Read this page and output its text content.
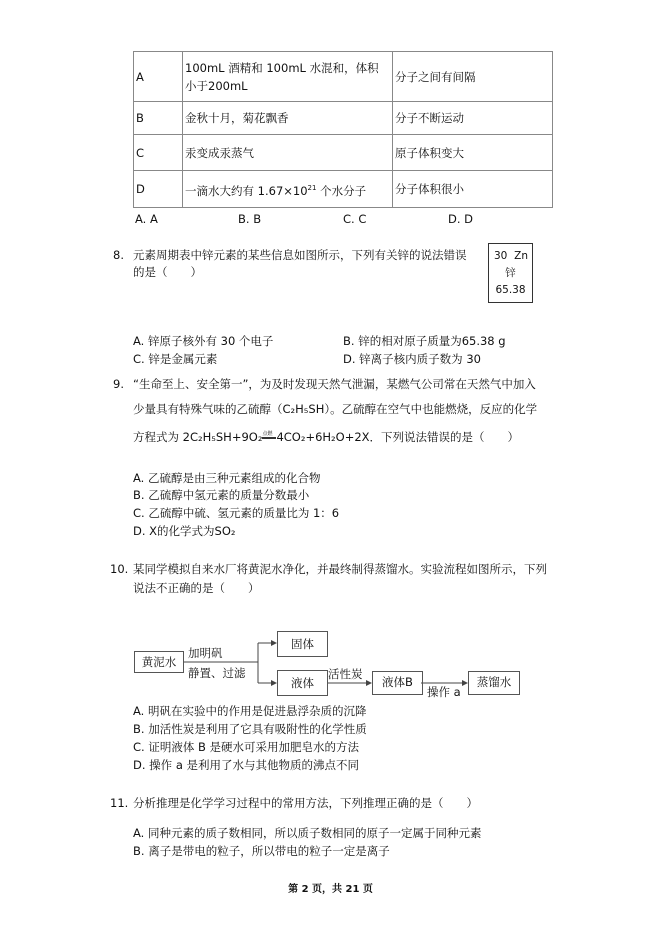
A	100mL 酒精和 100mL 水混和，体积小于200mL	分子之间有间隔
B	金秋十月，菊花飘香	分子不断运动
C	汞变成汞蒸气	原子体积变大
D	一滴水大约有 $1.67\times 10^{21}$ 个水分子	分子体积很小
A. A	B. B	C. C	D. D
8. 元素周期表中锌元素的某些信息如图所示，下列有关锌的说法错误
的是（　　）
30 Zn
锌
65.38
A. 锌原子核外有 30 个电子	B. 锌的相对原子质量为65.38 g
C. 锌是金属元素	D. 锌离子核内质子数为 30
9. “生命至上、安全第一”，为及时发现天然气泄漏，某燃气公司常在天然气中加入
少量具有特殊气味的乙硫醇（C₂H₅SH）。乙硫醇在空气中也能燃烧，反应的化学
方程式为 2C₂H₅SH+9O₂ 点燃 4CO₂+6H₂O+2X．下列说法错误的是（　　）
A. 乙硫醇是由三种元素组成的化合物
B. 乙硫醇中氢元素的质量分数最小
C. 乙硫醇中硫、氢元素的质量比为 1：6
D. X的化学式为SO₂
10. 某同学模拟自来水厂将黄泥水净化，并最终制得蒸馏水。实验流程如图所示，下列
说法不正确的是（　　）
黄泥水
固体
液体	液体B	蒸馏水
加明矾
静置、过滤	活性炭
操作 a
A. 明矾在实验中的作用是促进悬浮杂质的沉降
B. 加活性炭是利用了它具有吸附性的化学性质
C. 证明液体 B 是硬水可采用加肥皂水的方法
D. 操作 a 是利用了水与其他物质的沸点不同
11. 分析推理是化学学习过程中的常用方法，下列推理正确的是（　　）
A. 同种元素的质子数相同，所以质子数相同的原子一定属于同种元素
B. 离子是带电的粒子，所以带电的粒子一定是离子
第 2 页，共 21 页
